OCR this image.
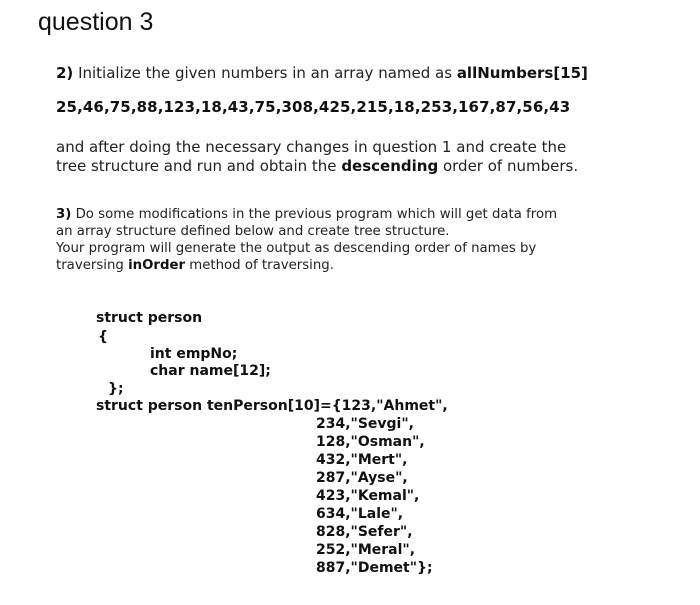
question 3
2) Initialize the given numbers in an array named as allNumbers[15]
25,46,75,88,123,18,43,75,308,425,215,18,253,167,87,56,43
and after doing the necessary changes in question 1 and create the
tree structure and run and obtain the descending order of numbers.
3) Do some modifications in the previous program which will get data from
an array structure defined below and create tree structure.
Your program will generate the output as descending order of names by
traversing inOrder method of traversing.
struct person
{
int empNo;
char name[12];
};
struct person tenPerson[10]={123,"Ahmet",
234,"Sevgi",
128,"Osman",
432,"Mert",
287,"Ayse",
423,"Kemal",
634,"Lale",
828,"Sefer",
252,"Meral",
887,"Demet"};
